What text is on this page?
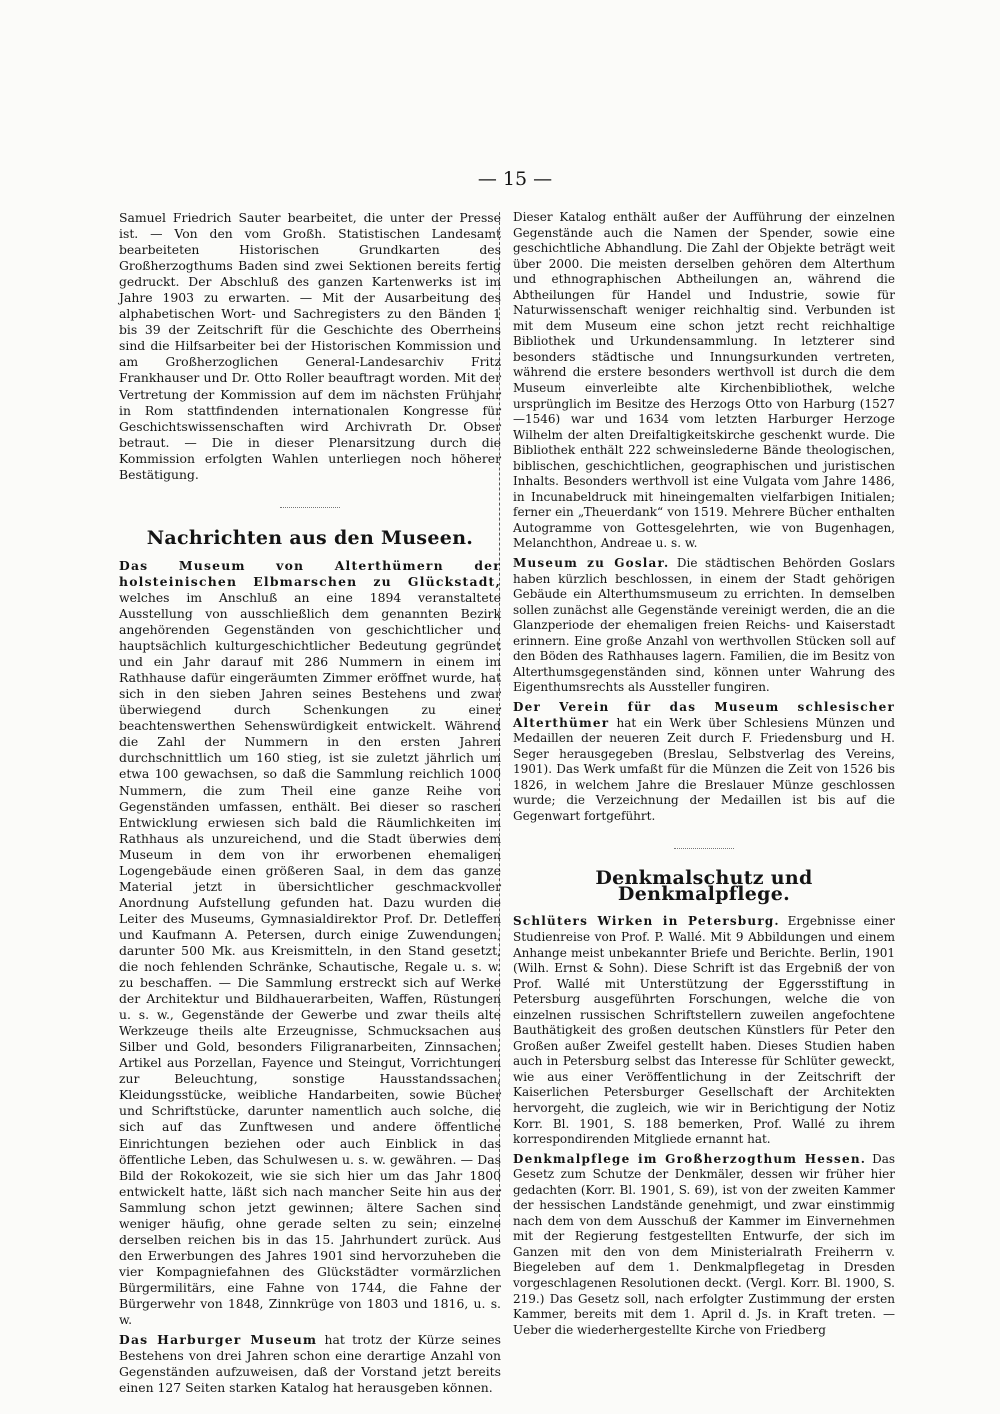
— 15 —

Samuel Friedrich Sauter bearbeitet, die unter der Presse ist. — Von den vom Großh. Statistischen Landesamt bearbeiteten Historischen Grundkarten des Großherzogthums Baden sind zwei Sektionen bereits fertig gedruckt. Der Abschluß des ganzen Kartenwerks ist im Jahre 1903 zu erwarten. — Mit der Ausarbeitung des alphabetischen Wort- und Sachregisters zu den Bänden 1 bis 39 der Zeitschrift für die Geschichte des Oberrheins sind die Hilfsarbeiter bei der Historischen Kommission und am Großherzoglichen General-Landesarchiv Fritz Frankhauser und Dr. Otto Roller beauftragt worden. Mit der Vertretung der Kommission auf dem im nächsten Frühjahr in Rom stattfindenden internationalen Kongresse für Geschichtswissenschaften wird Archivrath Dr. Obser betraut. — Die in dieser Plenarsitzung durch die Kommission erfolgten Wahlen unterliegen noch höherer Bestätigung.

Nachrichten aus den Museen.

Das Museum von Alterthümern der holsteinischen Elbmarschen zu Glückstadt, welches im Anschluß an eine 1894 veranstaltete Ausstellung von ausschließlich dem genannten Bezirk angehörenden Gegenständen von geschichtlicher und hauptsächlich kulturgeschichtlicher Bedeutung gegründet und ein Jahr darauf mit 286 Nummern in einem im Rathhause dafür eingeräumten Zimmer eröffnet wurde, hat sich in den sieben Jahren seines Bestehens und zwar überwiegend durch Schenkungen zu einer beachtenswerthen Sehenswürdigkeit entwickelt. Während die Zahl der Nummern in den ersten Jahren durchschnittlich um 160 stieg, ist sie zuletzt jährlich um etwa 100 gewachsen, so daß die Sammlung reichlich 1000 Nummern, die zum Theil eine ganze Reihe von Gegenständen umfassen, enthält. Bei dieser so raschen Entwicklung erwiesen sich bald die Räumlichkeiten im Rathhaus als unzureichend, und die Stadt überwies dem Museum in dem von ihr erworbenen ehemaligen Logengebäude einen größeren Saal, in dem das ganze Material jetzt in übersichtlicher geschmackvoller Anordnung Aufstellung gefunden hat. Dazu wurden die Leiter des Museums, Gymnasialdirektor Prof. Dr. Detleffen und Kaufmann A. Petersen, durch einige Zuwendungen, darunter 500 Mk. aus Kreismitteln, in den Stand gesetzt, die noch fehlenden Schränke, Schautische, Regale u. s. w. zu beschaffen. — Die Sammlung erstreckt sich auf Werke der Architektur und Bildhauerarbeiten, Waffen, Rüstungen u. s. w., Gegenstände der Gewerbe und zwar theils alte Werkzeuge theils alte Erzeugnisse, Schmucksachen aus Silber und Gold, besonders Filigranarbeiten, Zinnsachen, Artikel aus Porzellan, Fayence und Steingut, Vorrichtungen zur Beleuchtung, sonstige Hausstandssachen, Kleidungsstücke, weibliche Handarbeiten, sowie Bücher und Schriftstücke, darunter namentlich auch solche, die sich auf das Zunftwesen und andere öffentliche Einrichtungen beziehen oder auch Einblick in das öffentliche Leben, das Schulwesen u. s. w. gewähren. — Das Bild der Rokokozeit, wie sie sich hier um das Jahr 1800 entwickelt hatte, läßt sich nach mancher Seite hin aus der Sammlung schon jetzt gewinnen; ältere Sachen sind weniger häufig, ohne gerade selten zu sein; einzelne derselben reichen bis in das 15. Jahrhundert zurück. Aus den Erwerbungen des Jahres 1901 sind hervorzuheben die vier Kompagniefahnen des Glückstädter vormärzlichen Bürgermilitärs, eine Fahne von 1744, die Fahne der Bürgerwehr von 1848, Zinnkrüge von 1803 und 1816, u. s. w.

Das Harburger Museum hat trotz der Kürze seines Bestehens von drei Jahren schon eine derartige Anzahl von Gegenständen aufzuweisen, daß der Vorstand jetzt bereits einen 127 Seiten starken Katalog hat herausgeben können.

Dieser Katalog enthält außer der Aufführung der einzelnen Gegenstände auch die Namen der Spender, sowie eine geschichtliche Abhandlung. Die Zahl der Objekte beträgt weit über 2000. Die meisten derselben gehören dem Alterthum und ethnographischen Abtheilungen an, während die Abtheilungen für Handel und Industrie, sowie für Naturwissenschaft weniger reichhaltig sind. Verbunden ist mit dem Museum eine schon jetzt recht reichhaltige Bibliothek und Urkundensammlung. In letzterer sind besonders städtische und Innungsurkunden vertreten, während die erstere besonders werthvoll ist durch die dem Museum einverleibte alte Kirchenbibliothek, welche ursprünglich im Besitze des Herzogs Otto von Harburg (1527—1546) war und 1634 vom letzten Harburger Herzoge Wilhelm der alten Dreifaltigkeitskirche geschenkt wurde. Die Bibliothek enthält 222 schweinslederne Bände theologischen, biblischen, geschichtlichen, geographischen und juristischen Inhalts. Besonders werthvoll ist eine Vulgata vom Jahre 1486, in Incunabeldruck mit hineingemalten vielfarbigen Initialen; ferner ein „Theuerdank“ von 1519. Mehrere Bücher enthalten Autogramme von Gottesgelehrten, wie von Bugenhagen, Melanchthon, Andreae u. s. w.

Museum zu Goslar. Die städtischen Behörden Goslars haben kürzlich beschlossen, in einem der Stadt gehörigen Gebäude ein Alterthumsmuseum zu errichten. In demselben sollen zunächst alle Gegenstände vereinigt werden, die an die Glanzperiode der ehemaligen freien Reichs- und Kaiserstadt erinnern. Eine große Anzahl von werthvollen Stücken soll auf den Böden des Rathhauses lagern. Familien, die im Besitz von Alterthumsgegenständen sind, können unter Wahrung des Eigenthumsrechts als Aussteller fungiren.

Der Verein für das Museum schlesischer Alterthümer hat ein Werk über Schlesiens Münzen und Medaillen der neueren Zeit durch F. Friedensburg und H. Seger herausgegeben (Breslau, Selbstverlag des Vereins, 1901). Das Werk umfaßt für die Münzen die Zeit von 1526 bis 1826, in welchem Jahre die Breslauer Münze geschlossen wurde; die Verzeichnung der Medaillen ist bis auf die Gegenwart fortgeführt.

Denkmalschutz und Denkmalpflege.

Schlüters Wirken in Petersburg. Ergebnisse einer Studienreise von Prof. P. Wallé. Mit 9 Abbildungen und einem Anhange meist unbekannter Briefe und Berichte. Berlin, 1901 (Wilh. Ernst & Sohn). Diese Schrift ist das Ergebniß der von Prof. Wallé mit Unterstützung der Eggersstiftung in Petersburg ausgeführten Forschungen, welche die von einzelnen russischen Schriftstellern zuweilen angefochtene Bauthätigkeit des großen deutschen Künstlers für Peter den Großen außer Zweifel gestellt haben. Dieses Studien haben auch in Petersburg selbst das Interesse für Schlüter geweckt, wie aus einer Veröffentlichung in der Zeitschrift der Kaiserlichen Petersburger Gesellschaft der Architekten hervorgeht, die zugleich, wie wir in Berichtigung der Notiz Korr. Bl. 1901, S. 188 bemerken, Prof. Wallé zu ihrem korrespondirenden Mitgliede ernannt hat.

Denkmalpflege im Großherzogthum Hessen. Das Gesetz zum Schutze der Denkmäler, dessen wir früher hier gedachten (Korr. Bl. 1901, S. 69), ist von der zweiten Kammer der hessischen Landstände genehmigt, und zwar einstimmig nach dem von dem Ausschuß der Kammer im Einvernehmen mit der Regierung festgestellten Entwurfe, der sich im Ganzen mit den von dem Ministerialrath Freiherrn v. Biegeleben auf dem 1. Denkmalpflegetag in Dresden vorgeschlagenen Resolutionen deckt. (Vergl. Korr. Bl. 1900, S. 219.) Das Gesetz soll, nach erfolgter Zustimmung der ersten Kammer, bereits mit dem 1. April d. Js. in Kraft treten. — Ueber die wiederhergestellte Kirche von Friedberg
